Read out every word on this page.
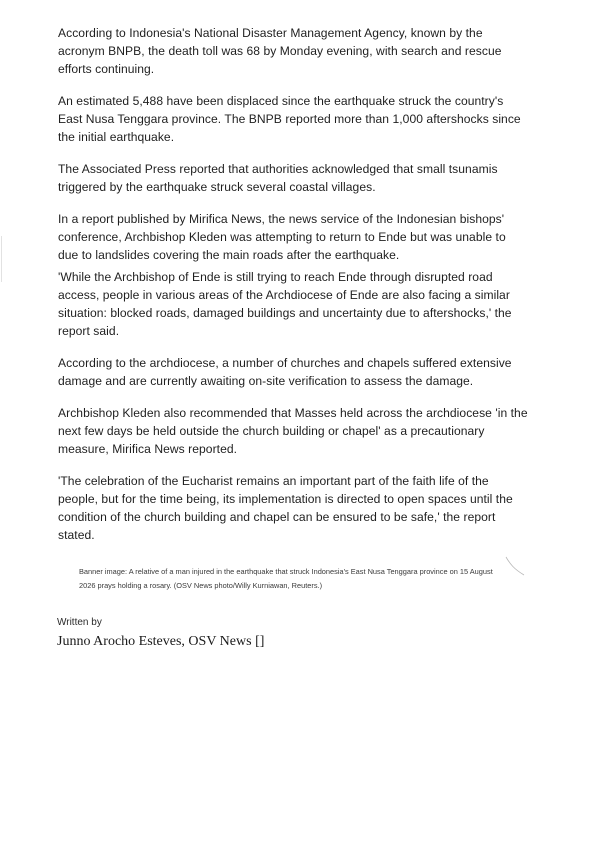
According to Indonesia's National Disaster Management Agency, known by the acronym BNPB, the death toll was 68 by Monday evening, with search and rescue efforts continuing.

An estimated 5,488 have been displaced since the earthquake struck the country's East Nusa Tenggara province. The BNPB reported more than 1,000 aftershocks since the initial earthquake.

The Associated Press reported that authorities acknowledged that small tsunamis triggered by the earthquake struck several coastal villages.

In a report published by Mirifica News, the news service of the Indonesian bishops' conference, Archbishop Kleden was attempting to return to Ende but was unable to due to landslides covering the main roads after the earthquake.

'While the Archbishop of Ende is still trying to reach Ende through disrupted road access, people in various areas of the Archdiocese of Ende are also facing a similar situation: blocked roads, damaged buildings and uncertainty due to aftershocks,' the report said.

According to the archdiocese, a number of churches and chapels suffered extensive damage and are currently awaiting on-site verification to assess the damage.

Archbishop Kleden also recommended that Masses held across the archdiocese 'in the next few days be held outside the church building or chapel' as a precautionary measure, Mirifica News reported.

'The celebration of the Eucharist remains an important part of the faith life of the people, but for the time being, its implementation is directed to open spaces until the condition of the church building and chapel can be ensured to be safe,' the report stated.

Banner image: A relative of a man injured in the earthquake that struck Indonesia's East Nusa Tenggara province on 15 August 2026 prays holding a rosary. (OSV News photo/Willy Kurniawan, Reuters.)

Written by

Junno Arocho Esteves, OSV News []
